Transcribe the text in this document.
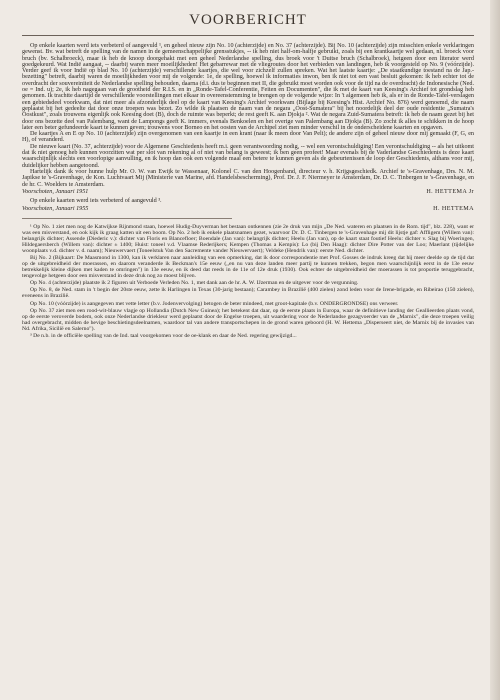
VOORBERICHT

Op enkele kaarten werd iets verbeterd of aangevuld ¹, en geheel nieuw zijn No. 10 (achterzijde) en No. 37 (achterzijde). Bij No. 10 (achterzijde) zijn misschien enkele verklaringen gewenst. Bv. wat betreft de spelling van de namen in de gemeenschappelijke grensstukjes, -- ik heb niet half-om-halfje gebruikt, zoals bij een krantkaartje wel gedaan, nl. broeck voor bruch (bv. Schalbroeck), maar ik heb de knoop doorgehakt met een geheel Nederlandse spelling, dus broek voor 't Duitse bruch (Schalbroek), hetgeen door een literator werd goedgekeurd. Wat Indië aangaat, -- daarbij waren meer moeilijkheden! Het gebarrewar met de vliegroutes door het verbieden van landingen, heb ik voorgesteld op No. 9 (vóórzijde). Verder geef ik voor Indië op blad No. 10 (achterzijde) verschillende kaartjes, die wel voor zichzelf zullen spreken. Wat het laatste kaartje: „De staatkundige toestand na de Jap.-bezetting" betreft, daarbij waren de moeilijkheden voor mij de volgende: 1e, de spelling, hoewel ik informaties inwon, ben ik niet tot een vast besluit gekomen: ik heb echter tot de overdracht der souvereiniteit de Nederlandse spelling behouden, daarna (d.i. dus te beginnen met II, die gebruikt moet worden ook voor de tijd na de overdracht) de Indonesische (Ned. oe = Ind. u); 2e, ik heb nagegaan van de grootheid der R.I.S. en in „Ronde-Tafel-Conferentie, Feiten en Documenten", die ik met de kaart van Keesing's Archief tot grondslag heb genomen. Ik trachtte daartijd de verschillende voorstellingen met elkaar in overeenstemming te brengen op de volgende wijze: In 't algemeen heb ik, als er in de Ronde-Tafel-verslagen een gebiedsdeel voorkwam, dat niet meer als afzonderlijk deel op de kaart van Keesing's Archief voorkwam (Bijlage bij Keesing's Hist. Archief No. 876) werd genoemd, die naam geplaatst bij het gedeelte dat door onze troepen was bezet. Zo wilde ik plaatsen de naam van de negara „Oost-Sumatera" bij het noordelijk deel der oude residentie „Sumatra's Oostkust", zoals trouwens eigenlijk ook Keesing doet (B), doch de ruimte was beperkt; de rest geeft K. aan Djokja ². Wat de negara Zuid-Sumatera betreft: ik heb de naam gezet bij het door ons bezette deel van Palembang, want de Lampongs geeft K. immers, evenals Benkoelen en het overige van Palembang aan Djokja (B). Zo zocht ik alles te schikken in de hoop later een beter gefundeerde kaart te kunnen geven; trouwens voor Borneo en het oosten van de Archipel ziet men minder verschil in de onderscheidene kaarten en opgaven.

De kaartjes A en E op No. 10 (achterzijde) zijn overgenomen van een kaartje in een krant (naar ik meen door Van Pelt); de andere zijn of geheel nieuw door mij gemaakt (F, G, en H), of veranderd.

De nieuwe kaart (No. 37, achterzijde) voor de Algemene Geschiedenis heeft m.i. geen verantwoording nodig, -- wel een verontschuldiging! Een verontschuldiging -- als het uitkomt dat ik niet genoeg heb kunnen voorzitten wat per slot van rekening al of niet van belang is geweest; ik ben geen profeet! Maar evenals bij de Vaderlandse Geschiedenis is deze kaart waarschijnlijk slechts een voorlopige aanvulling, en ik hoop dan ook een volgende maal een betere te kunnen geven als de gebeurtenissen de loop der Geschiedenis, althans voor mij, duidelijker hebben aangetoond.

Hartelijk dank ik voor hunne hulp Mr. O. W. van Ewijk te Wassenaar, Kolonel C. van den Hoogenband, directeur v. h. Krijgsgeschiedk. Archief te 's-Gravenhage, Drs. N. M. Japikse te 's-Gravenhage, de Kon. Luchtvaart Mij (Ministerie van Marine, afd. Handelsbescherming), Prof. Dr. J. F. Niermeyer te Amsterdam, Dr. D. C. Tinbergen te 's-Gravenhage, en de hr. C. Woelders te Amsterdam.

Voorschoten, Januari 1951	H. HETTEMA Jr

Op enkele kaarten werd iets verbeterd of aangevuld ³.

Voorschoten, Januari 1955	H. HETTEMA

¹ Op No. 1 ziet men nog de Katwijkse Rijnmond staan, hoewel Hudig-Duyverman het bestaan ontkennen (zie 2e druk van mijn „De Ned. wateren en plaatsen in de Rom. tijd", blz. 228), want er was een misverstand, en ook kijk ik graag katten uit een boom. Op No. 2 heb ik enkele plaatsnamen gezet, waarvoor Dr. D. C. Tinbergen te 's-Gravenhage mij dit lijstje gaf: Affligem (Willem van): belangrijk dichter; Assende (Diederic v.): dichter van Floris en Blancefloer; Boendale (Jan van): belangrijk dichter; Heelu (Jan van), op de kaart staat foutief Heelu: dichter v. Slag bij Woeringen, Hildegaersberch (Willem van): dichter ± 1400; Huist: toneel v.d. Vlaamse Rederijkers; Kempen (Thomas a Kempis): Lo (bij Den Haag): dichter Dire Potter van der Loo; Maerlant (tijdelijke woonplaats v.d. dichter v. d. naam); Nieuwervaert (Toneelstuk Van den Sacremente vander Nieuwervaert); Veldeke (Hendrik van): eerste Ned. dichter.

Bij No. 2 (Bijkaart: De Maasmond in 1300, kan ik verklaren naar aanleiding van een opmerking, dat ik door correspondentie met Prof. Gosses de indruk kreeg dat hij meer deelde op de tijd dat op de uitgebreidheid der moerassen, en daarom veranderde ik Beckman's 15e eeuw (,,en nu van deze landen meer partij te kunnen trekken, begon men waarschijnlijk eerst in de 13e eeuw betrekkelijk kleine dijken met kaden te omringen") in 13e eeuw, en ik deed dat reeds in de 11e of 12e druk (1930). Ook echter de uitgebreidheid der moerassen is tot proportie teruggebracht, tengevolge hetgeen door een misverstand in deze druk nog zo moest blijven.

Op No. 4 (achterzijde) plaatste ik 2 figuren uit Verboede Verleden No. 1, met dank aan de hr. A. W. IJzerman en de uitgever voor de vergunning.

Op No. 8, de Ned. stam in 't begin der 20ste eeuw, zette ik Harlingen in Texas (30-jarig bestaan); Carambey in Brazilië (400 zielen) zond leden voor de Irene-brigade, en Ribeirao (150 zielen), eveneens in Brazilië.

Op No. 10 (vóórzijde) is aangegeven met vette letter (b.v. Jodenvervolging) betogen de beter mindeed, met groot-kapitale (b.v. ONDERGRONDSE) ons verweer.

Op No. 37 ziet men een rood-wit-blauw vlagje op Hollandia (Dutch New Guinea); het betekent dat daar, op de eerste plaats in Europa, waar de definitieve landing der Geallieerden plaats vond, op de eerste veroverde bodem, ook onze Nederlandse driekleur werd geplaatst door de Engelse troepen, uit waardering voor de Nederlandse gezagvoerder van de „Marnix", die deze troepen veilig had overgebracht, midden de hevige beschietingsdeelnamen, waardoor tal van andere transportschepen in de grond waren geboord (H. W. Hettema „Disperseert niet, de Marnix bij de invasies van Nd. Afrika, Sicilië en Salerno").

³ De n.b. in de officiële spelling van de Ind. taal voorgekomen voor de oe-klank en daar de Ned. regering gewijzigd...
